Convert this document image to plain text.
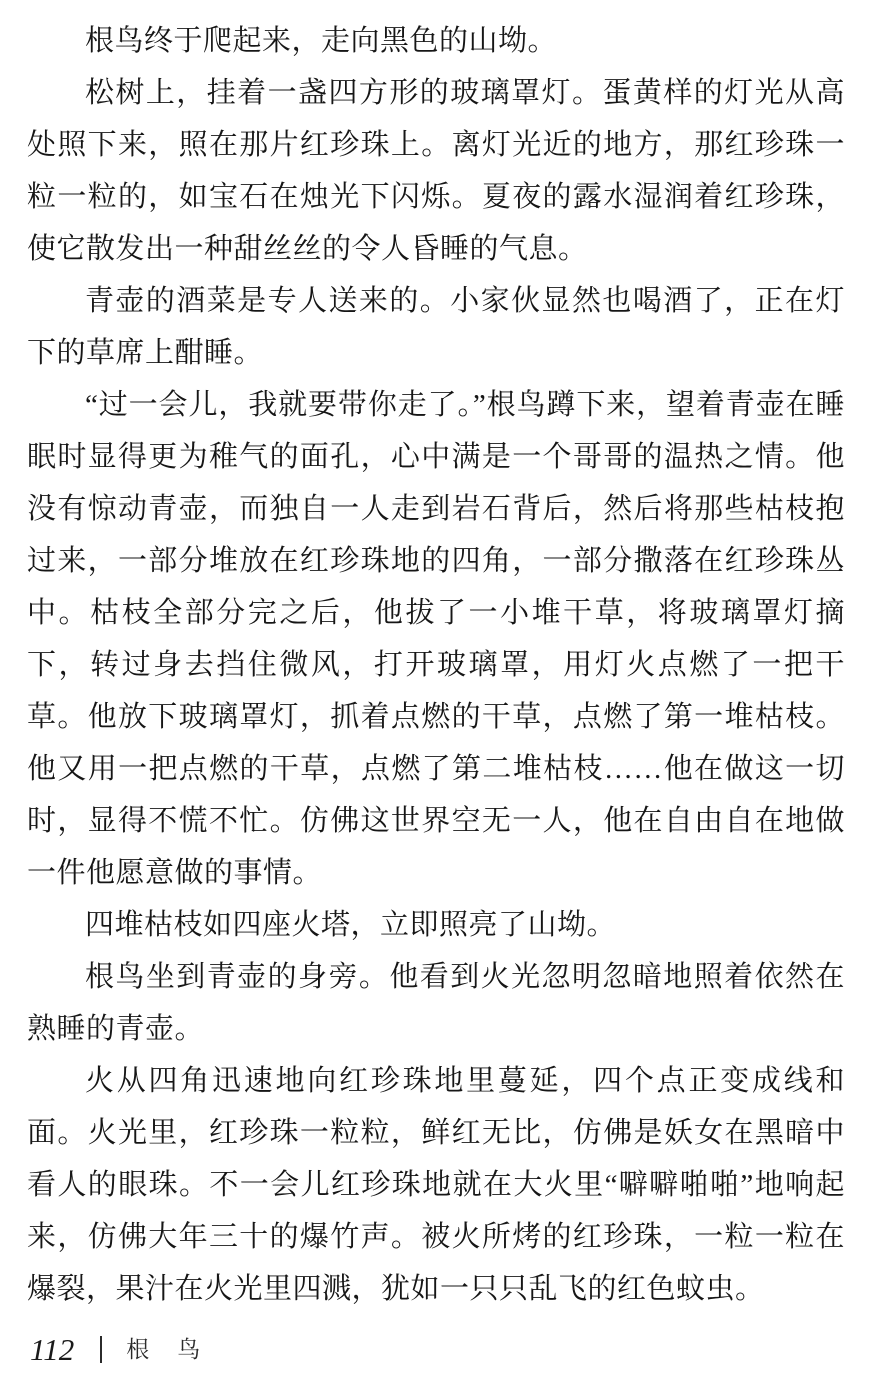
根鸟终于爬起来，走向黑色的山坳。

松树上，挂着一盏四方形的玻璃罩灯。蛋黄样的灯光从高处照下来，照在那片红珍珠上。离灯光近的地方，那红珍珠一粒一粒的，如宝石在烛光下闪烁。夏夜的露水湿润着红珍珠，使它散发出一种甜丝丝的令人昏睡的气息。

青壶的酒菜是专人送来的。小家伙显然也喝酒了，正在灯下的草席上酣睡。

“过一会儿，我就要带你走了。”根鸟蹲下来，望着青壶在睡眠时显得更为稚气的面孔，心中满是一个哥哥的温热之情。他没有惊动青壶，而独自一人走到岩石背后，然后将那些枯枝抱过来，一部分堆放在红珍珠地的四角，一部分撒落在红珍珠丛中。枯枝全部分完之后，他拔了一小堆干草，将玻璃罩灯摘下，转过身去挡住微风，打开玻璃罩，用灯火点燃了一把干草。他放下玻璃罩灯，抓着点燃的干草，点燃了第一堆枯枝。他又用一把点燃的干草，点燃了第二堆枯枝……他在做这一切时，显得不慌不忙。仿佛这世界空无一人，他在自由自在地做一件他愿意做的事情。

四堆枯枝如四座火塔，立即照亮了山坳。

根鸟坐到青壶的身旁。他看到火光忽明忽暗地照着依然在熟睡的青壶。

火从四角迅速地向红珍珠地里蔓延，四个点正变成线和面。火光里，红珍珠一粒粒，鲜红无比，仿佛是妖女在黑暗中看人的眼珠。不一会儿红珍珠地就在大火里“噼噼啪啪”地响起来，仿佛大年三十的爆竹声。被火所烤的红珍珠，一粒一粒在爆裂，果汁在火光里四溅，犹如一只只乱飞的红色蚊虫。

112 根鸟
